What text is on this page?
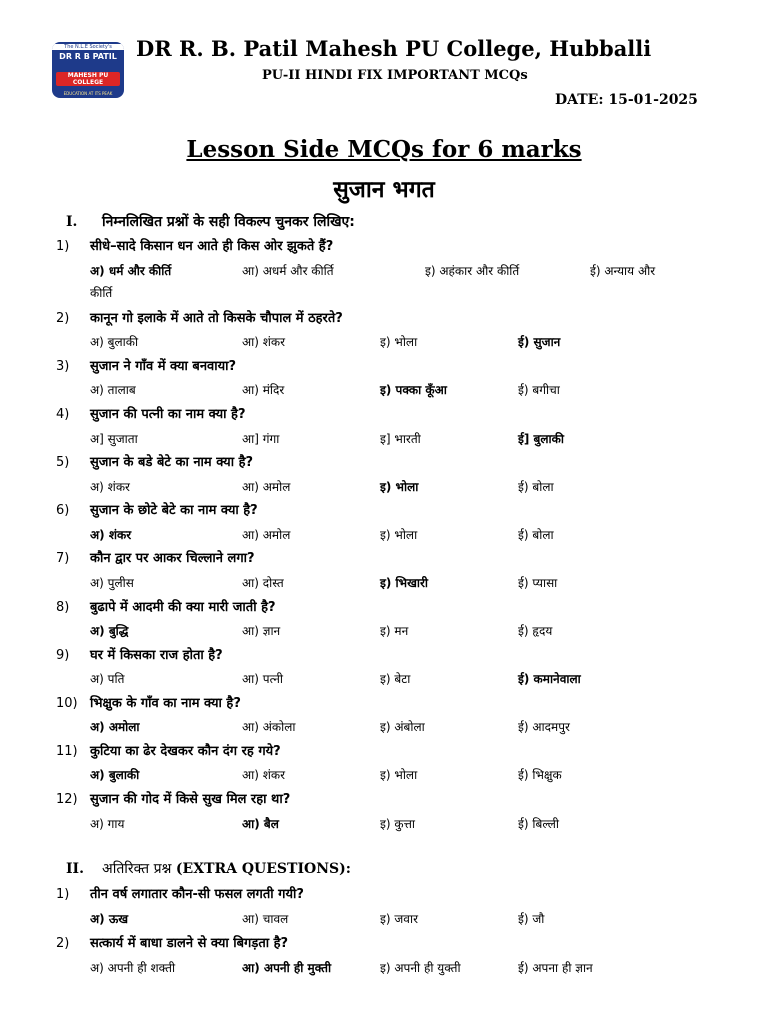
The N.L.E Society's
DR R B PATIL
MAHESH PU COLLEGE
EDUCATION AT ITS PEAK
DR R. B. Patil Mahesh PU College, Hubballi
PU-II HINDI FIX IMPORTANT MCQs
DATE: 15-01-2025
Lesson Side MCQs for 6 marks
सुजान भगत
I. निम्नलिखित प्रश्नों के सही विकल्प चुनकर लिखिए:
1) सीधे–सादे किसान धन आते ही किस ओर झुकते हैं?
अ) धर्म और कीर्ति	आ) अधर्म और कीर्ति	इ) अहंकार और कीर्ति	ई) अन्याय और
कीर्ति
2) कानून गो इलाके में आते तो किसके चौपाल में ठहरते?
अ) बुलाकी	आ) शंकर	इ) भोला	ई) सुजान
3) सुजान ने गाँव में क्या बनवाया?
अ) तालाब	आ) मंदिर	इ) पक्का कूँआ	ई) बगीचा
4) सुजान की पत्नी का नाम क्या है?
अ] सुजाता	आ] गंगा	इ] भारती	ई] बुलाकी
5) सुजान के बडे बेटे का नाम क्या है?
अ) शंकर	आ) अमोल	इ) भोला	ई) बोला
6) सुजान के छोटे बेटे का नाम क्या है?
अ) शंकर	आ) अमोल	इ) भोला	ई) बोला
7) कौन द्वार पर आकर चिल्लाने लगा?
अ) पुलीस	आ) दोस्त	इ) भिखारी	ई) प्यासा
8) बुढापे में आदमी की क्या मारी जाती है?
अ) बुद्धि	आ) ज्ञान	इ) मन	ई) हृदय
9) घर में किसका राज होता है?
अ) पति	आ) पत्नी	इ) बेटा	ई) कमानेवाला
10) भिक्षुक के गाँव का नाम क्या है?
अ) अमोला	आ) अंकोला	इ) अंबोला	ई) आदमपुर
11) कुटिया का ढेर देखकर कौन दंग रह गये?
अ) बुलाकी	आ) शंकर	इ) भोला	ई) भिक्षुक
12) सुजान की गोद में किसे सुख मिल रहा था?
अ) गाय	आ) बैल	इ) कुत्ता	ई) बिल्ली
II. अतिरिक्त प्रश्न (EXTRA QUESTIONS):
1) तीन वर्ष लगातार कौन-सी फसल लगती गयी?
अ) ऊख	आ) चावल	इ) जवार	ई) जौ
2) सत्कार्य में बाधा डालने से क्या बिगड़ता है?
अ) अपनी ही शक्ती	आ) अपनी ही मुक्ती	इ) अपनी ही युक्ती	ई) अपना ही ज्ञान
